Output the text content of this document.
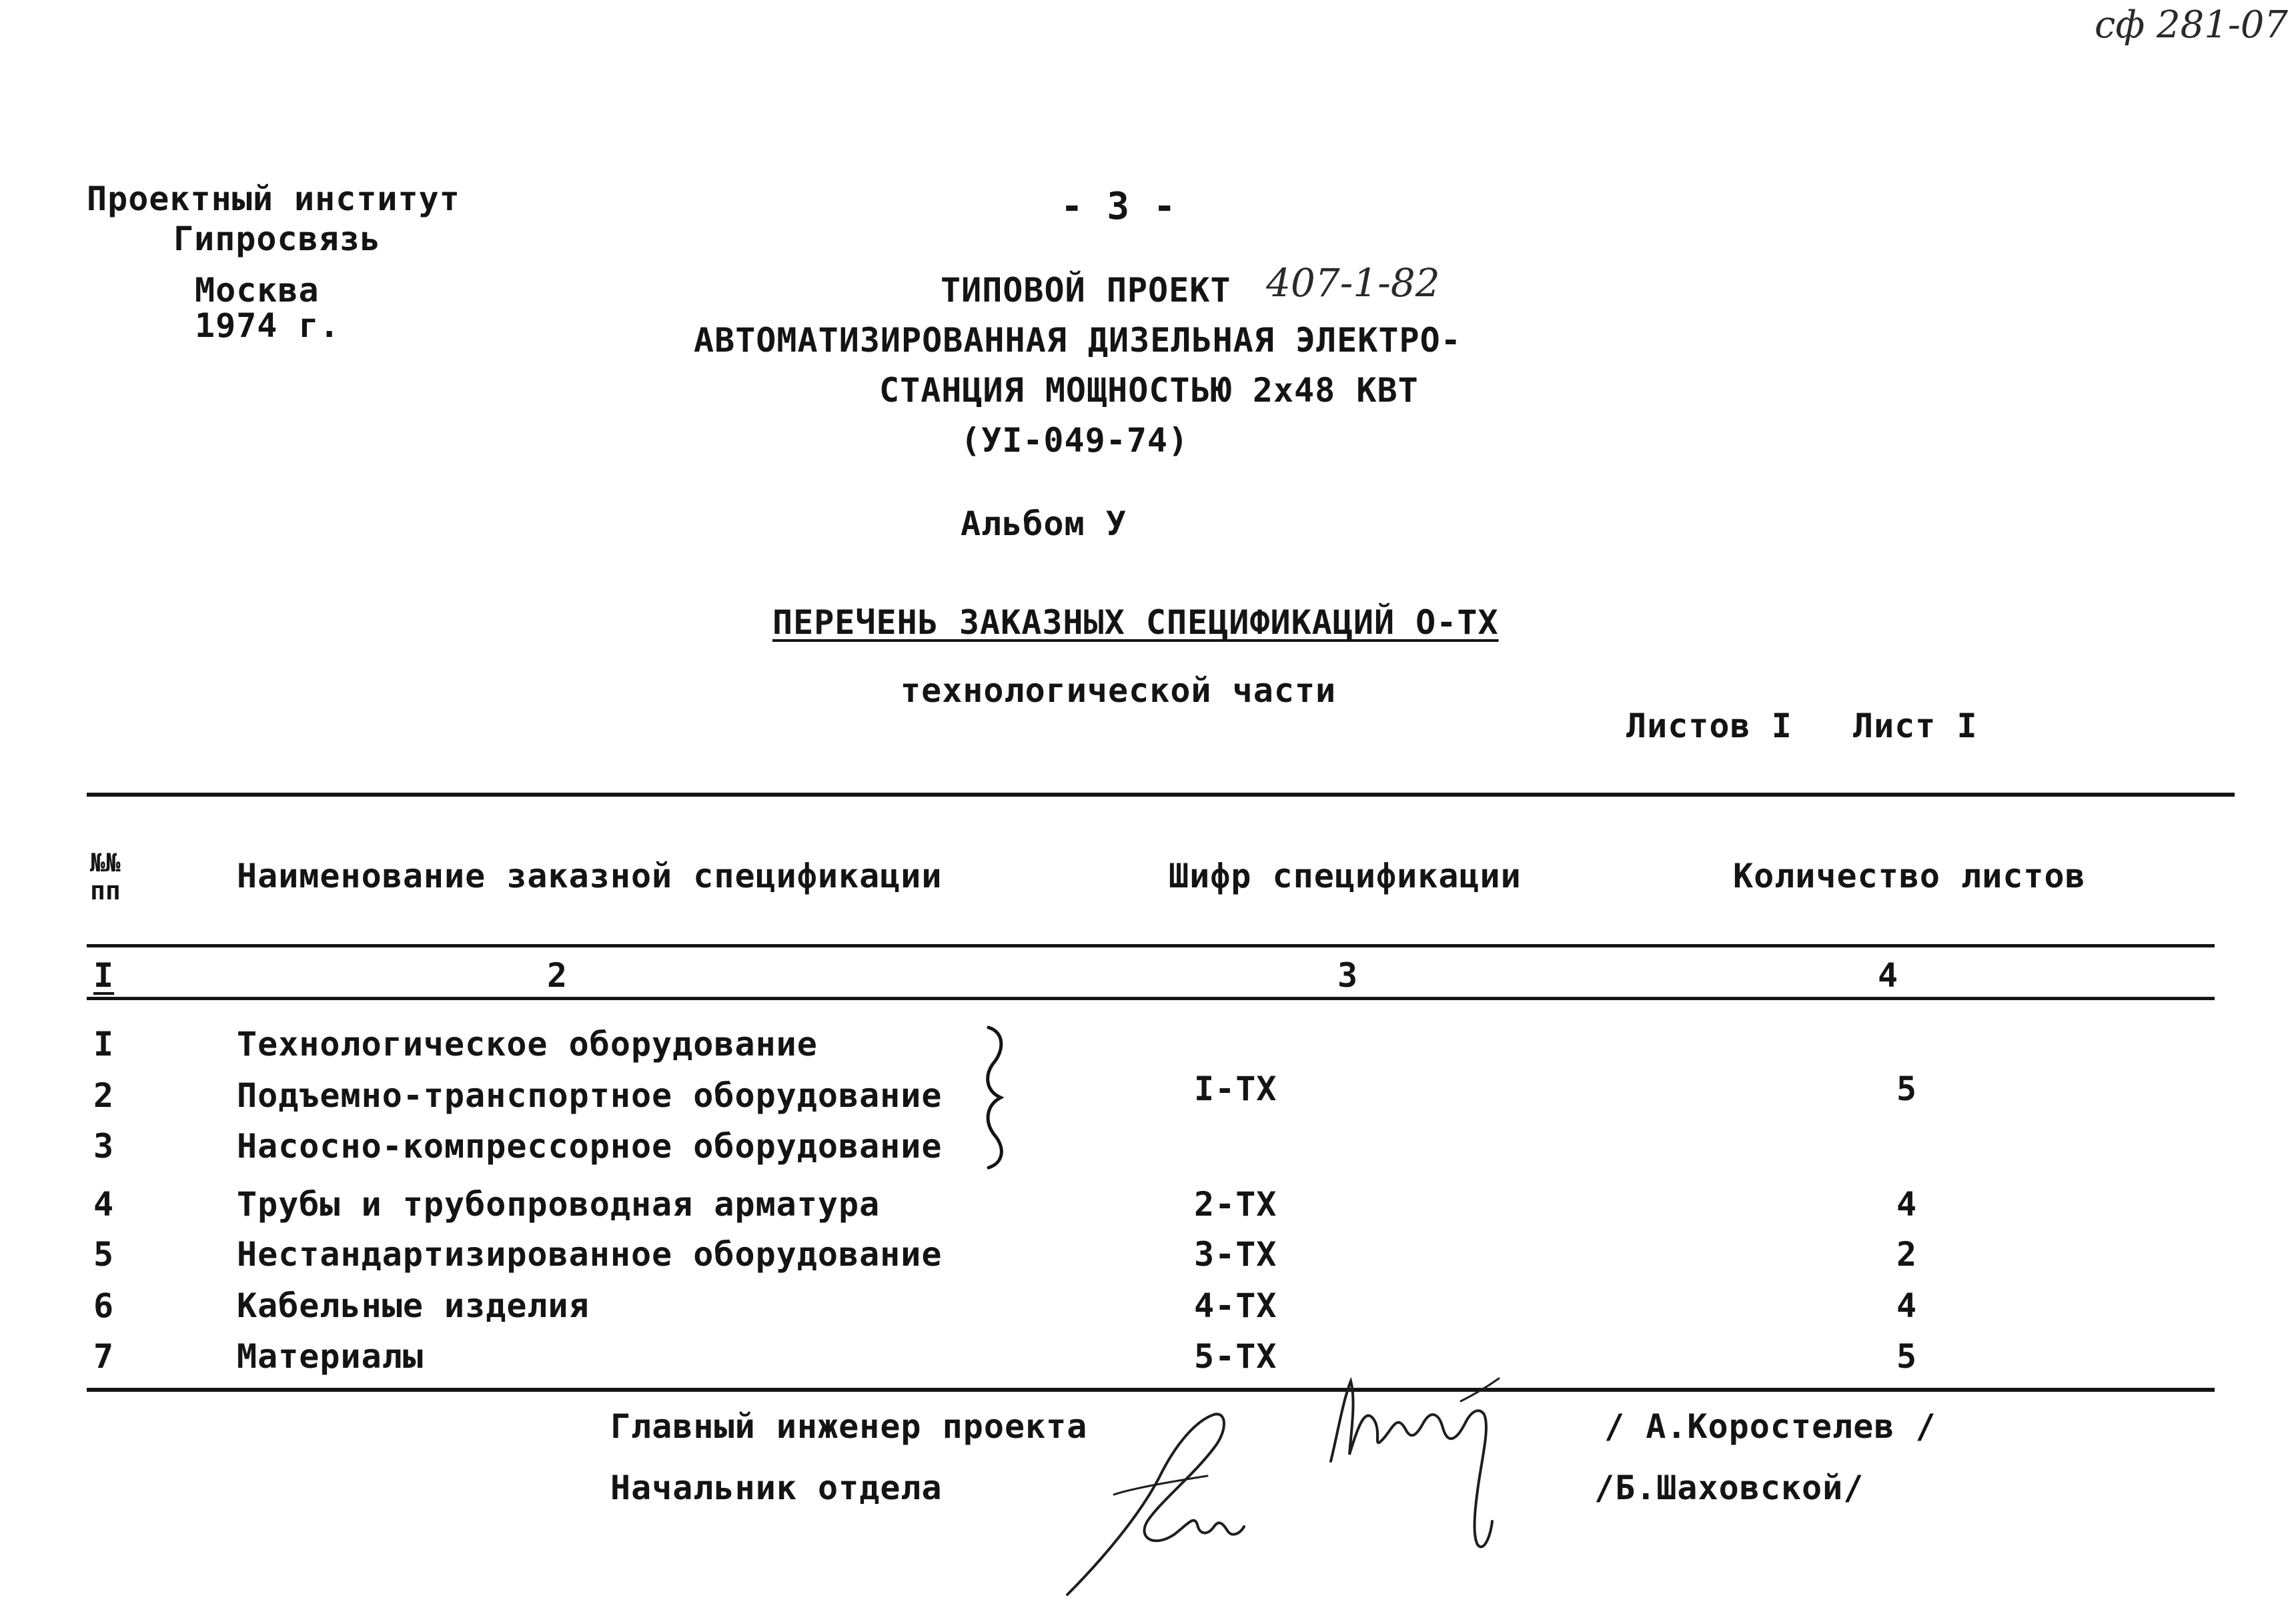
сф 281-07
Проектный институт
Гипросвязь
Москва
1974 г.
- 3 -
ТИПОВОЙ ПРОЕКТ 407-1-82
АВТОМАТИЗИРОВАННАЯ ДИЗЕЛЬНАЯ ЭЛЕКТРО-
СТАНЦИЯ МОЩНОСТЬЮ 2х48 КВТ
(УI-049-74)
Альбом У
ПЕРЕЧЕНЬ ЗАКАЗНЫХ СПЕЦИФИКАЦИЙ О-ТХ
технологической части
Листов I Лист I
№№ пп	Наименование заказной спецификации	Шифр спецификации	Количество листов
I	2	3	4
I	Технологическое оборудование
2	Подъемно-транспортное оборудование
3	Насосно-компрессорное оборудование
I-ТХ	5
4	Трубы и трубопроводная арматура	2-ТХ	4
5	Нестандартизированное оборудование	3-ТХ	2
6	Кабельные изделия	4-ТХ	4
7	Материалы	5-ТХ	5
Главный инженер проекта
Начальник отдела
/ А.Коростелев /
/Б.Шаховской/
